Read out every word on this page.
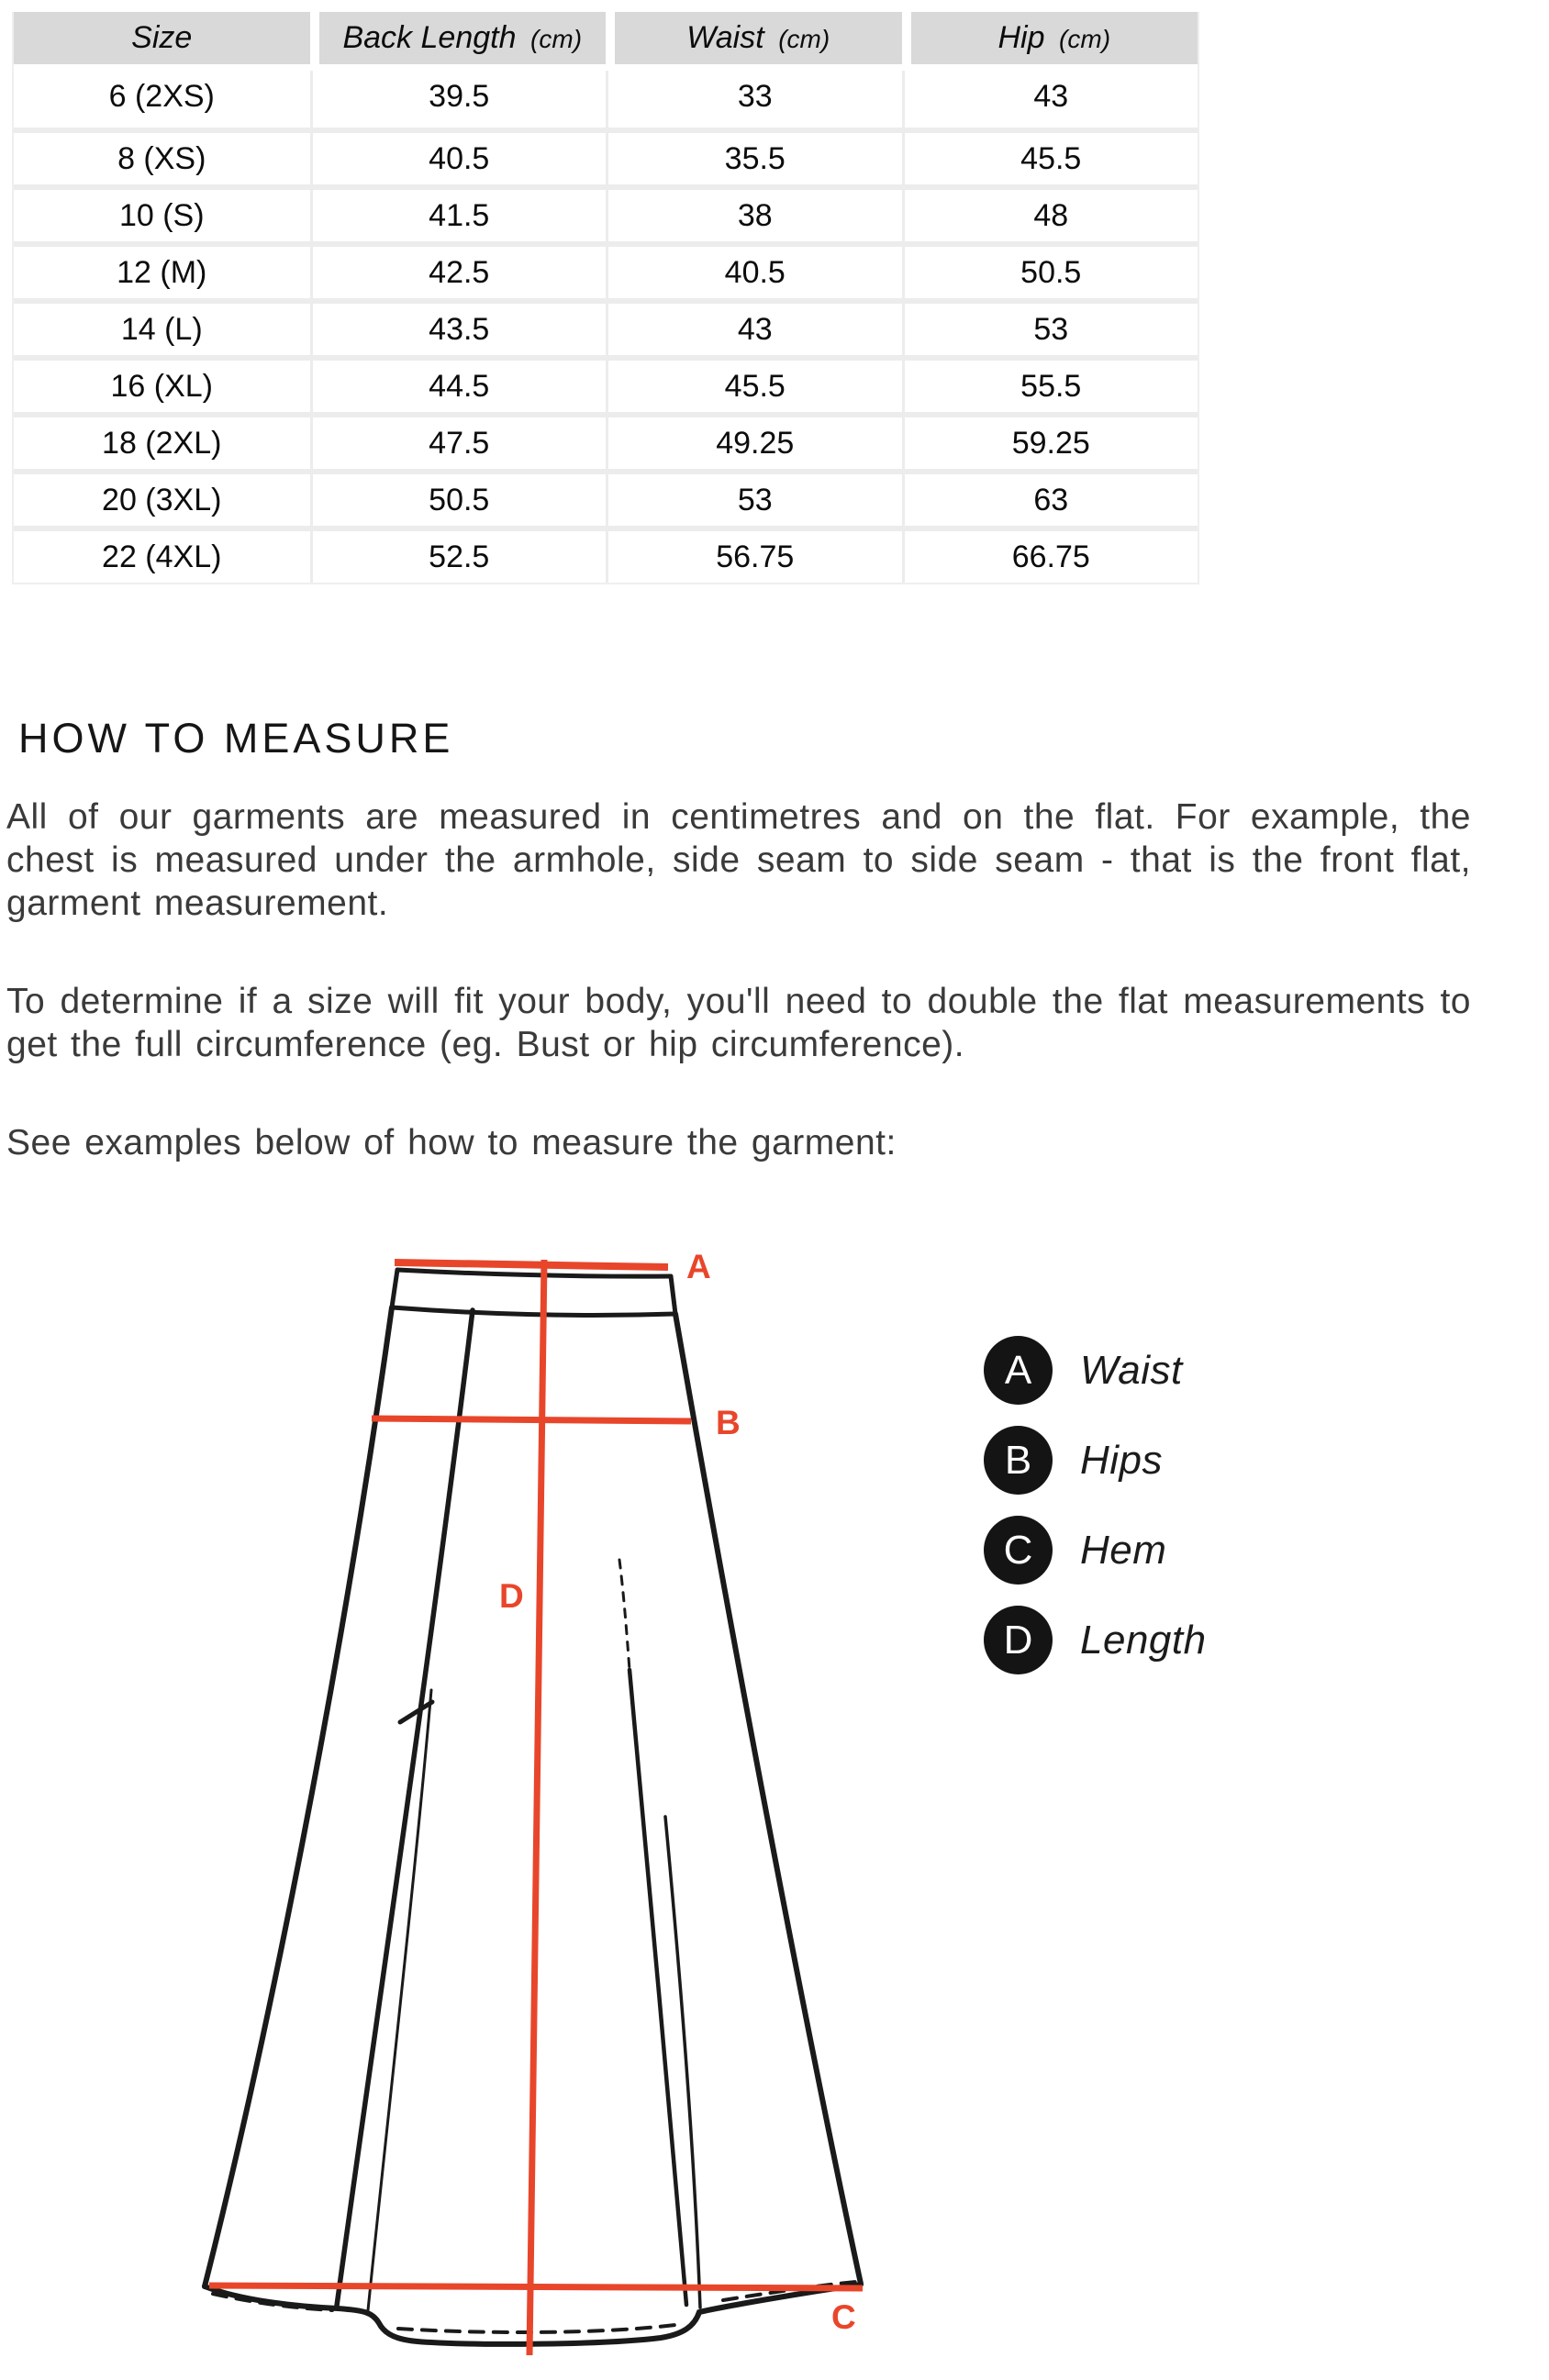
Size	Back Length  (cm)	Waist  (cm)	Hip  (cm)
6 (2XS)	39.5	33	43
8 (XS)	40.5	35.5	45.5
10 (S)	41.5	38	48
12 (M)	42.5	40.5	50.5
14 (L)	43.5	43	53
16 (XL)	44.5	45.5	55.5
18 (2XL)	47.5	49.25	59.25
20 (3XL)	50.5	53	63
22 (4XL)	52.5	56.75	66.75
HOW TO MEASURE

All of our garments are measured in centimetres and on the flat. For example, the chest is measured under the armhole, side seam to side seam - that is the front flat, garment measurement.

To determine if a size will fit your body, you'll need to double the flat measurements to get the full circumference (eg. Bust or hip circumference).

See examples below of how to measure the garment:

A
B
C
D
A	Waist
B	Hips
C	Hem
D	Length
